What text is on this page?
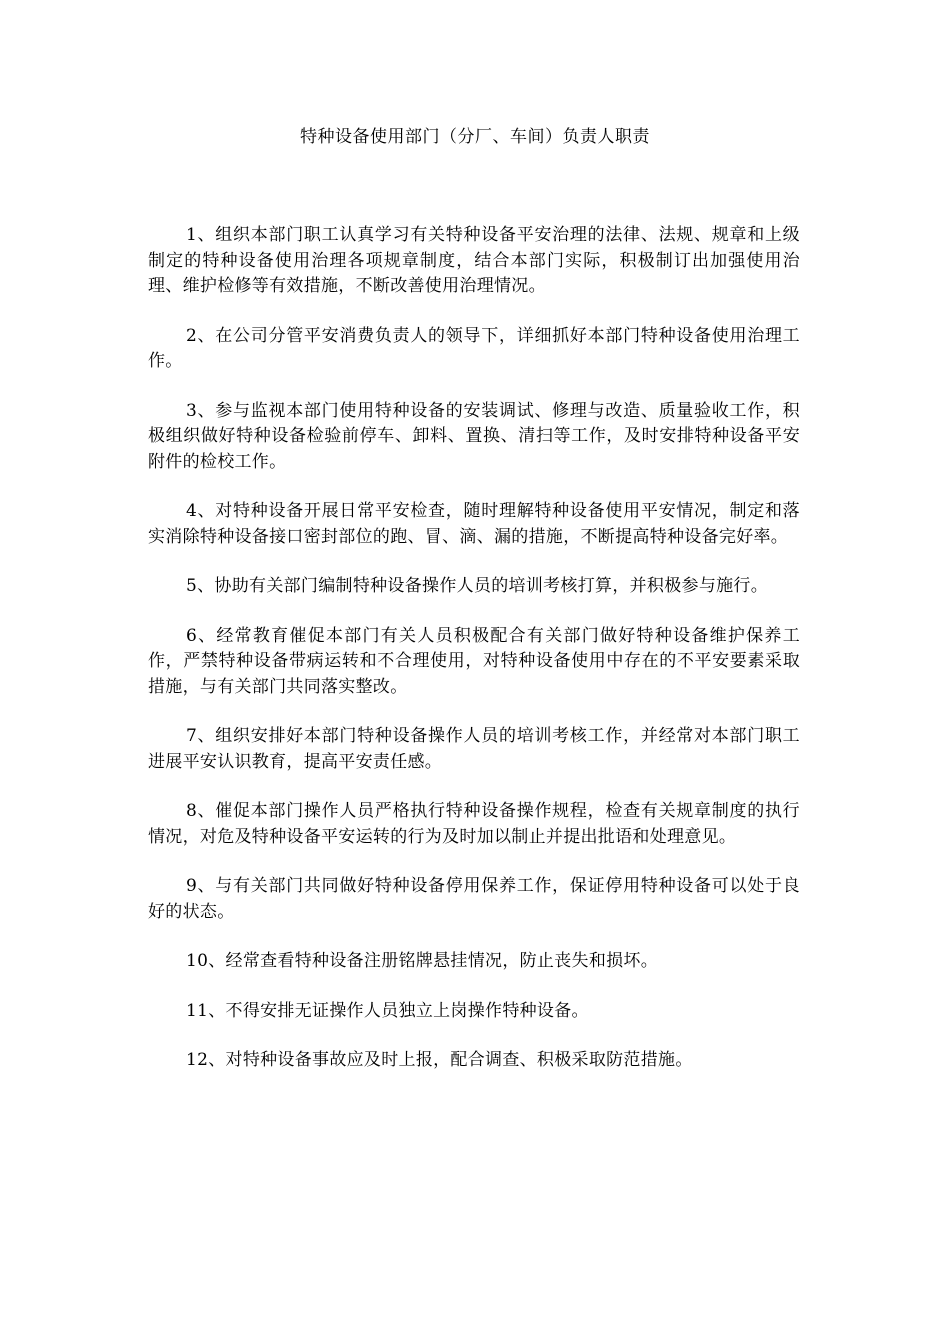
特种设备使用部门（分厂、车间）负责人职责

1、组织本部门职工认真学习有关特种设备平安治理的法律、法规、规章和上级制定的特种设备使用治理各项规章制度，结合本部门实际，积极制订出加强使用治理、维护检修等有效措施，不断改善使用治理情况。

2、在公司分管平安消费负责人的领导下，详细抓好本部门特种设备使用治理工作。

3、参与监视本部门使用特种设备的安装调试、修理与改造、质量验收工作，积极组织做好特种设备检验前停车、卸料、置换、清扫等工作，及时安排特种设备平安附件的检校工作。

4、对特种设备开展日常平安检查，随时理解特种设备使用平安情况，制定和落实消除特种设备接口密封部位的跑、冒、滴、漏的措施，不断提高特种设备完好率。

5、协助有关部门编制特种设备操作人员的培训考核打算，并积极参与施行。

6、经常教育催促本部门有关人员积极配合有关部门做好特种设备维护保养工作，严禁特种设备带病运转和不合理使用，对特种设备使用中存在的不平安要素采取措施，与有关部门共同落实整改。

7、组织安排好本部门特种设备操作人员的培训考核工作，并经常对本部门职工进展平安认识教育，提高平安责任感。

8、催促本部门操作人员严格执行特种设备操作规程，检查有关规章制度的执行情况，对危及特种设备平安运转的行为及时加以制止并提出批语和处理意见。

9、与有关部门共同做好特种设备停用保养工作，保证停用特种设备可以处于良好的状态。

10、经常查看特种设备注册铭牌悬挂情况，防止丧失和损坏。

11、不得安排无证操作人员独立上岗操作特种设备。

12、对特种设备事故应及时上报，配合调查、积极采取防范措施。
